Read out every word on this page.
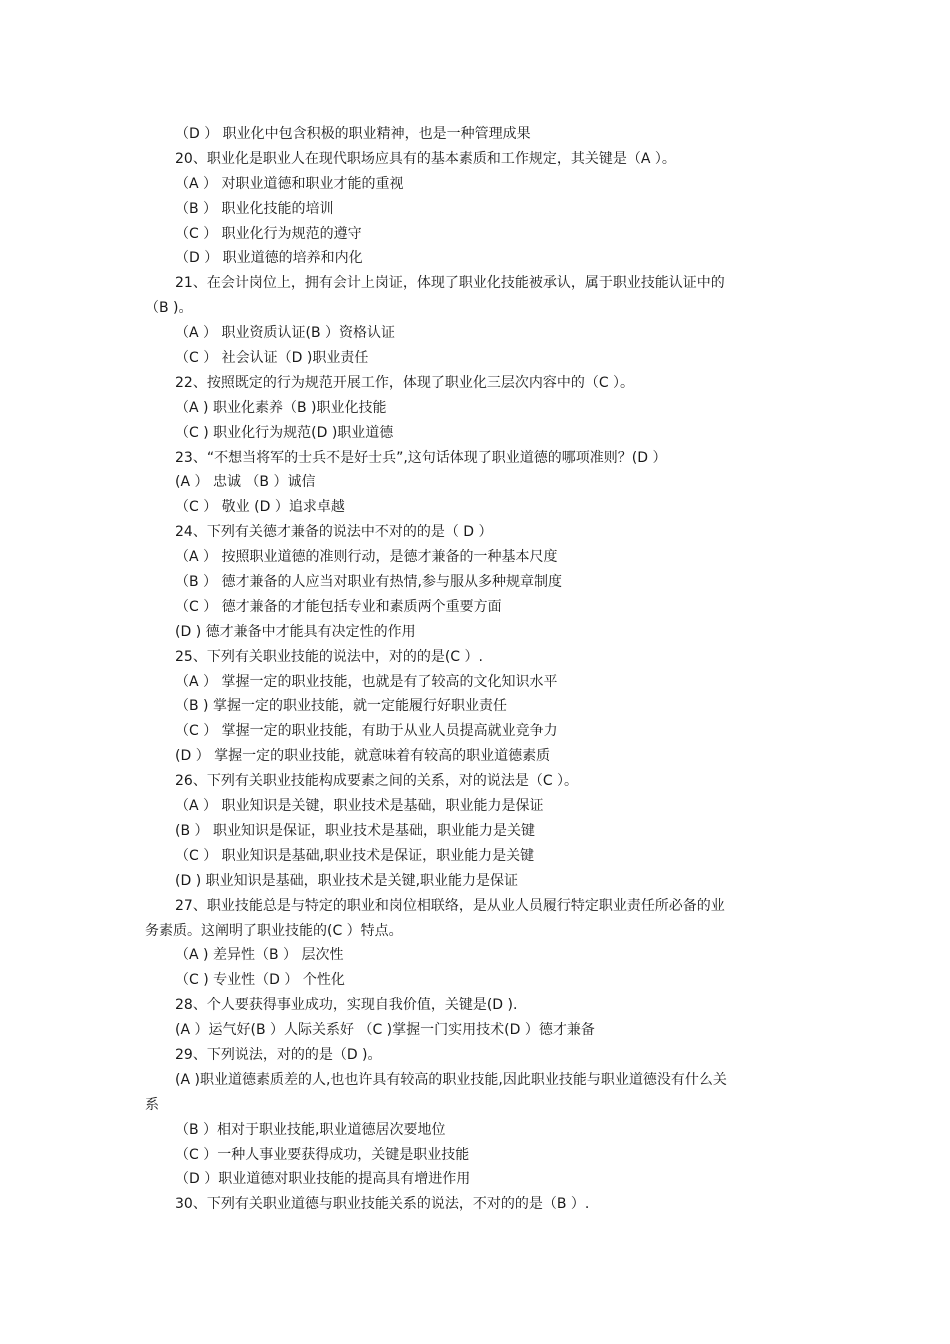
（D ） 职业化中包含积极的职业精神，也是一种管理成果
20、职业化是职业人在现代职场应具有的基本素质和工作规定，其关键是（A ）。
（A ） 对职业道德和职业才能的重视
（B ） 职业化技能的培训
（C ） 职业化行为规范的遵守
（D ） 职业道德的培养和内化
21、在会计岗位上，拥有会计上岗证，体现了职业化技能被承认，属于职业技能认证中的
（B )。
（A ） 职业资质认证(B ）资格认证
（C ） 社会认证（D )职业责任
22、按照既定的行为规范开展工作，体现了职业化三层次内容中的（C ）。
（A ) 职业化素养（B )职业化技能
（C ) 职业化行为规范(D )职业道德
23、“不想当将军的士兵不是好士兵”,这句话体现了职业道德的哪项准则？(D ）
(A ） 忠诚 （B ）诚信
（C ） 敬业 (D ）追求卓越
24、下列有关德才兼备的说法中不对的的是（ D ）
（A ） 按照职业道德的准则行动，是德才兼备的一种基本尺度
（B ） 德才兼备的人应当对职业有热情,参与服从多种规章制度
（C ） 德才兼备的才能包括专业和素质两个重要方面
(D ) 德才兼备中才能具有决定性的作用
25、下列有关职业技能的说法中，对的的是(C ）.
（A ） 掌握一定的职业技能，也就是有了较高的文化知识水平
（B ) 掌握一定的职业技能，就一定能履行好职业责任
（C ） 掌握一定的职业技能，有助于从业人员提高就业竞争力
(D ） 掌握一定的职业技能，就意味着有较高的职业道德素质
26、下列有关职业技能构成要素之间的关系，对的说法是（C ）。
（A ） 职业知识是关键，职业技术是基础，职业能力是保证
(B ） 职业知识是保证，职业技术是基础，职业能力是关键
（C ） 职业知识是基础,职业技术是保证，职业能力是关键
(D ) 职业知识是基础，职业技术是关键,职业能力是保证
27、职业技能总是与特定的职业和岗位相联络，是从业人员履行特定职业责任所必备的业
务素质。这阐明了职业技能的(C ）特点。
（A ) 差异性（B ） 层次性
（C ) 专业性（D ） 个性化
28、个人要获得事业成功，实现自我价值，关键是(D ).
(A ）运气好(B ）人际关系好 （C )掌握一门实用技术(D ）德才兼备
29、下列说法，对的的是（D )。
(A )职业道德素质差的人,也也许具有较高的职业技能,因此职业技能与职业道德没有什么关
系
（B ）相对于职业技能,职业道德居次要地位
（C ）一种人事业要获得成功，关键是职业技能
（D ）职业道德对职业技能的提高具有增进作用
30、下列有关职业道德与职业技能关系的说法，不对的的是（B ）.
